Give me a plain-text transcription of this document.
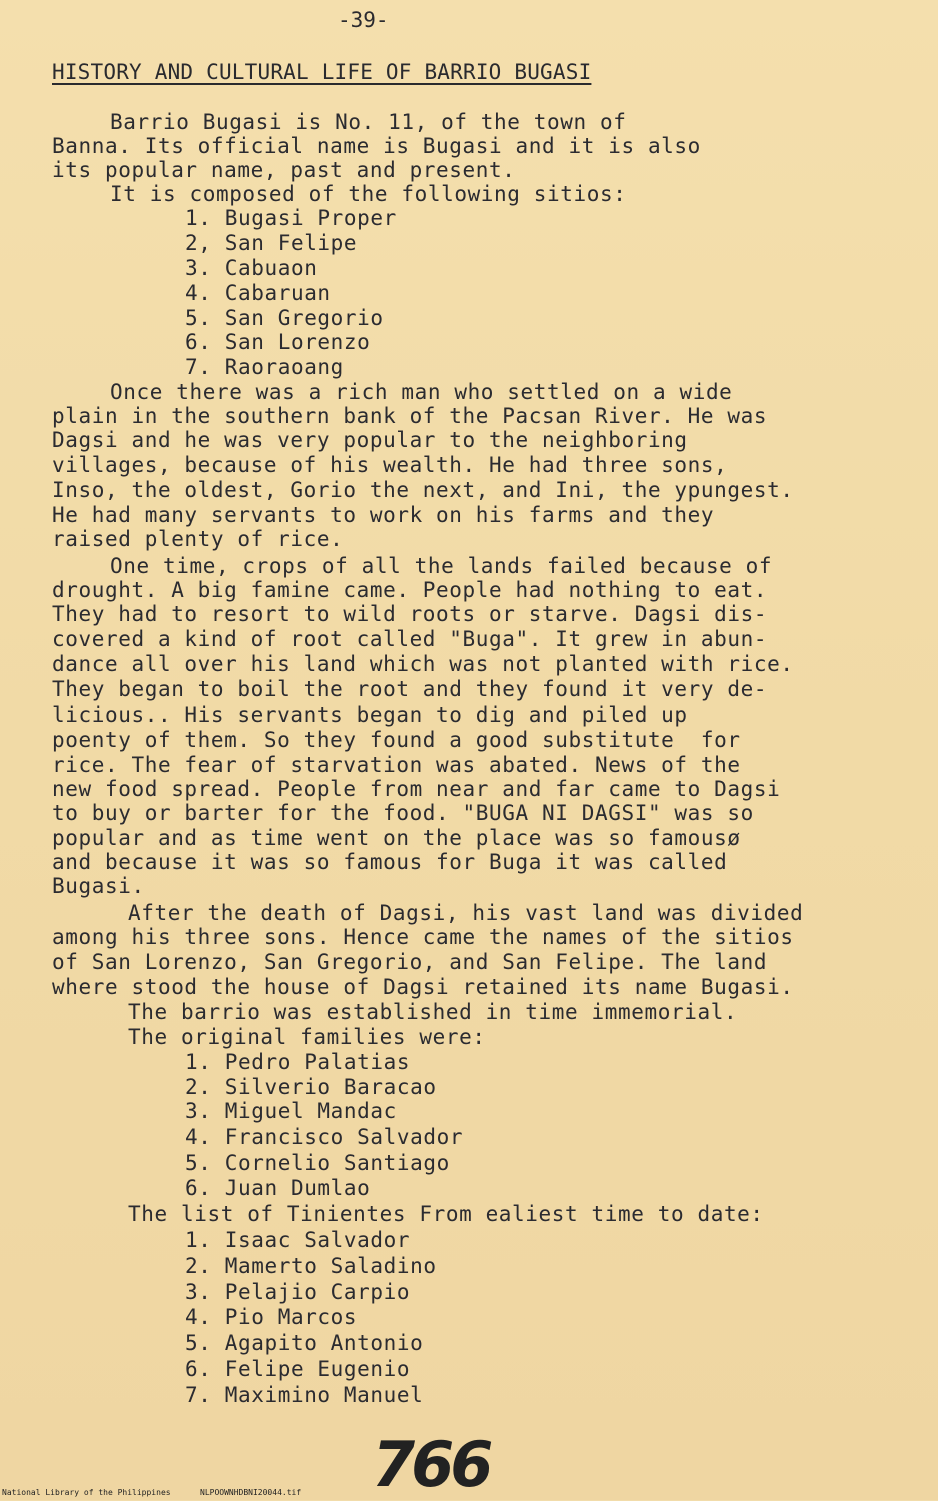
-39-
HISTORY AND CULTURAL LIFE OF BARRIO BUGASI
Barrio Bugasi is No. 11, of the town of
Banna. Its official name is Bugasi and it is also
its popular name, past and present.
It is composed of the following sitios:
1. Bugasi Proper
2, San Felipe
3. Cabuaon
4. Cabaruan
5. San Gregorio
6. San Lorenzo
7. Raoraoang
Once there was a rich man who settled on a wide
plain in the southern bank of the Pacsan River. He was
Dagsi and he was very popular to the neighboring
villages, because of his wealth. He had three sons,
Inso, the oldest, Gorio the next, and Ini, the ypungest.
He had many servants to work on his farms and they
raised plenty of rice.
One time, crops of all the lands failed because of
drought. A big famine came. People had nothing to eat.
They had to resort to wild roots or starve. Dagsi dis-
covered a kind of root called "Buga". It grew in abun-
dance all over his land which was not planted with rice.
They began to boil the root and they found it very de-
licious.. His servants began to dig and piled up
poenty of them. So they found a good substitute  for
rice. The fear of starvation was abated. News of the
new food spread. People from near and far came to Dagsi
to buy or barter for the food. "BUGA NI DAGSI" was so
popular and as time went on the place was so famousø
and because it was so famous for Buga it was called
Bugasi.
After the death of Dagsi, his vast land was divided
among his three sons. Hence came the names of the sitios
of San Lorenzo, San Gregorio, and San Felipe. The land
where stood the house of Dagsi retained its name Bugasi.
The barrio was established in time immemorial.
The original families were:
1. Pedro Palatias
2. Silverio Baracao
3. Miguel Mandac
4. Francisco Salvador
5. Cornelio Santiago
6. Juan Dumlao
The list of Tinientes From ealiest time to date:
1. Isaac Salvador
2. Mamerto Saladino
3. Pelajio Carpio
4. Pio Marcos
5. Agapito Antonio
6. Felipe Eugenio
7. Maximino Manuel
766
National Library of the Philippines	NLPOOWNHDBNI20044.tif
